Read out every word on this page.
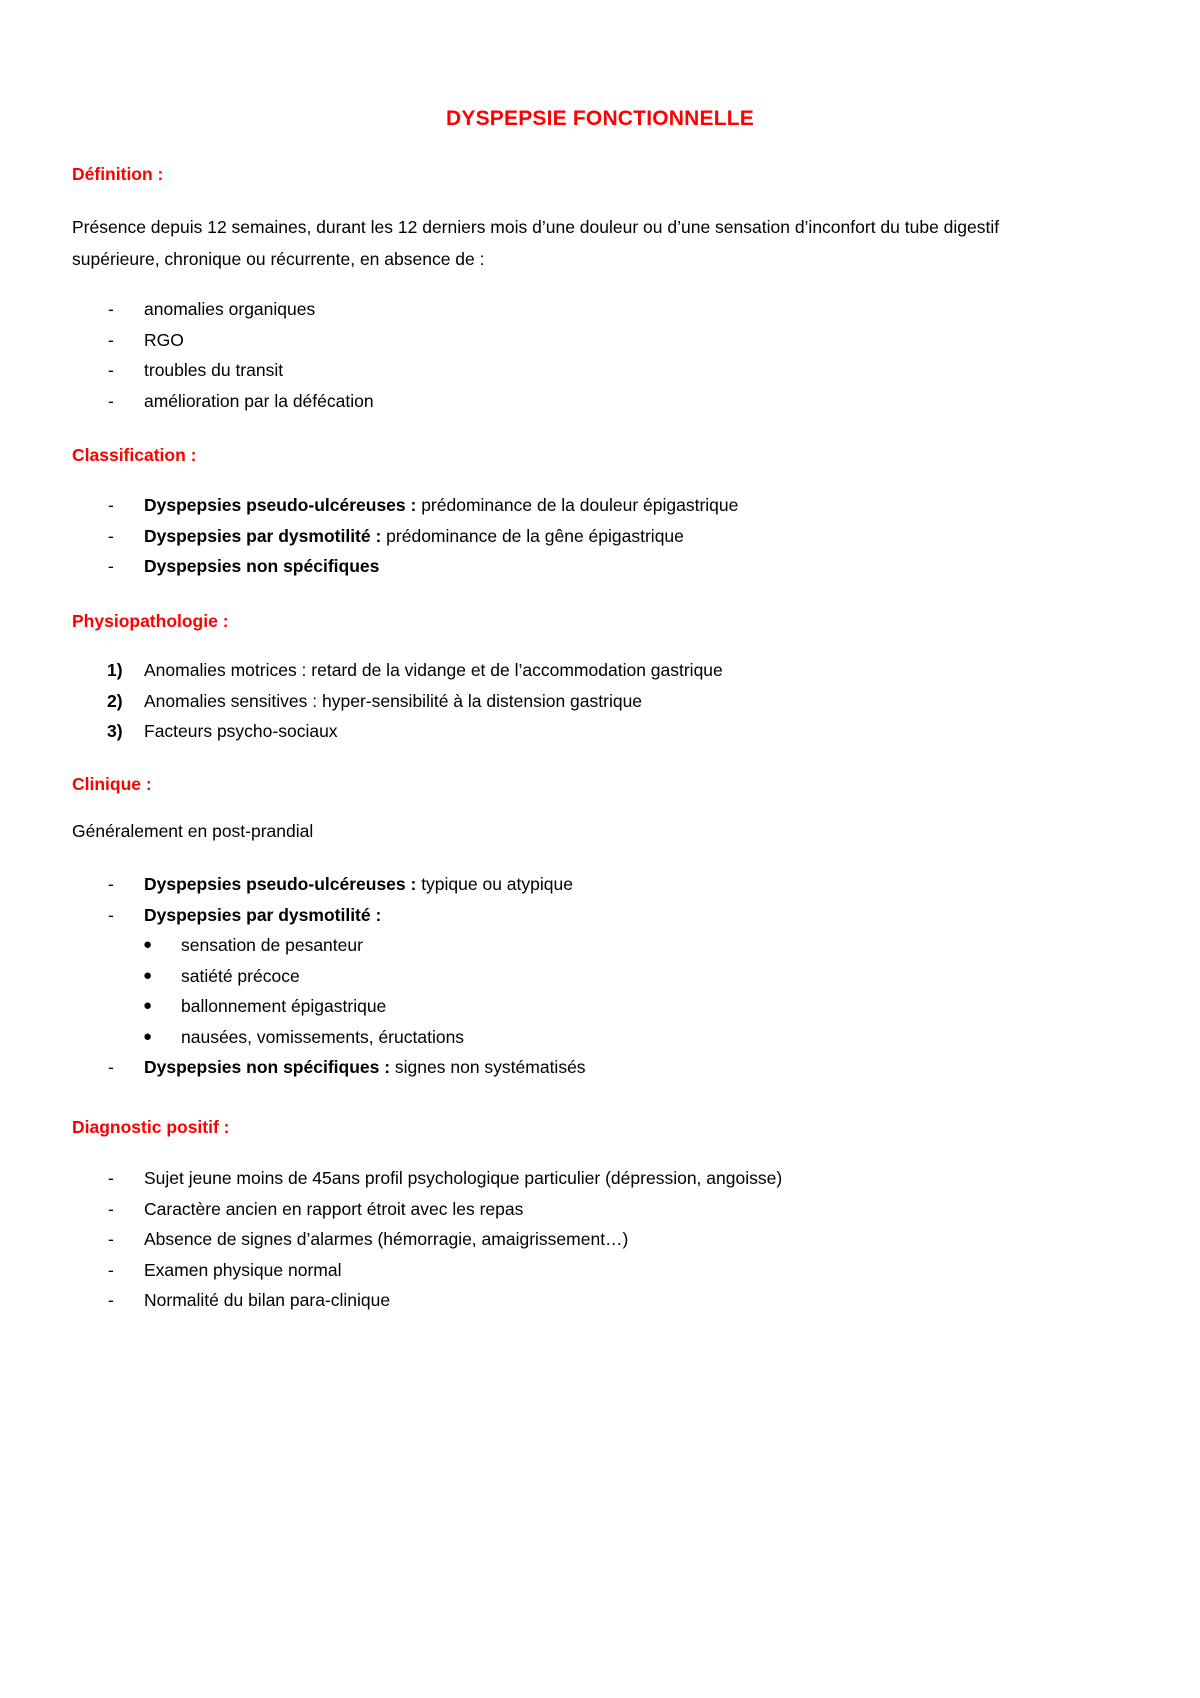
DYSPEPSIE FONCTIONNELLE
Définition :
Présence depuis 12 semaines, durant les 12 derniers mois d’une douleur ou d’une sensation d’inconfort du tube digestif
supérieure, chronique ou récurrente, en absence de :
- anomalies organiques
- RGO
- troubles du transit
- amélioration par la défécation
Classification :
- Dyspepsies pseudo-ulcéreuses : prédominance de la douleur épigastrique
- Dyspepsies par dysmotilité : prédominance de la gêne épigastrique
- Dyspepsies non spécifiques
Physiopathologie :
1) Anomalies motrices : retard de la vidange et de l’accommodation gastrique
2) Anomalies sensitives : hyper-sensibilité à la distension gastrique
3) Facteurs psycho-sociaux
Clinique :
Généralement en post-prandial
- Dyspepsies pseudo-ulcéreuses : typique ou atypique
- Dyspepsies par dysmotilité :
● sensation de pesanteur
● satiété précoce
● ballonnement épigastrique
● nausées, vomissements, éructations
- Dyspepsies non spécifiques : signes non systématisés
Diagnostic positif :
- Sujet jeune moins de 45ans profil psychologique particulier (dépression, angoisse)
- Caractère ancien en rapport étroit avec les repas
- Absence de signes d’alarmes (hémorragie, amaigrissement…)
- Examen physique normal
- Normalité du bilan para-clinique
